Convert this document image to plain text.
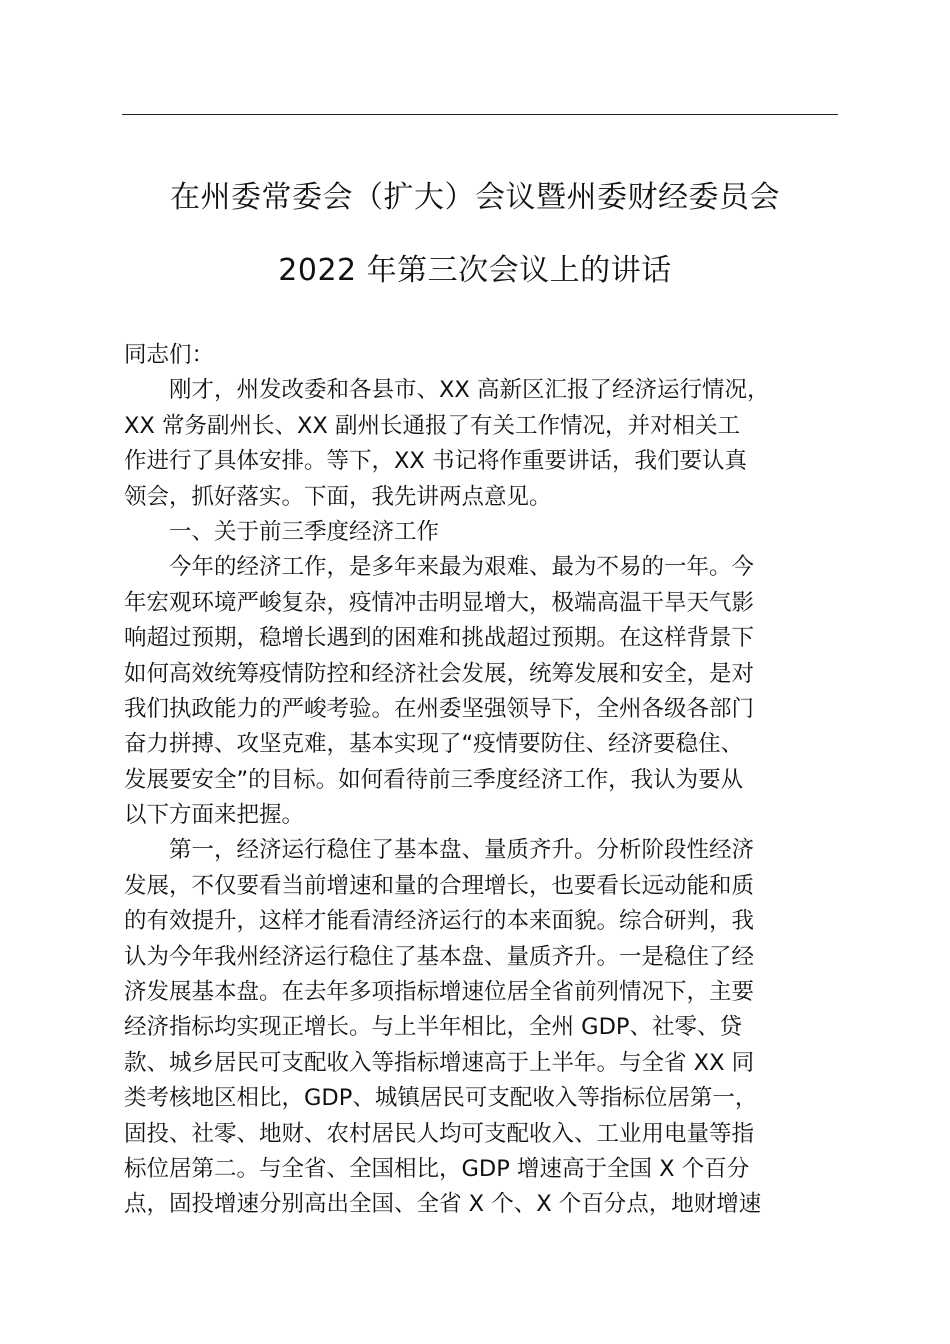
在州委常委会（扩大）会议暨州委财经委员会
2022 年第三次会议上的讲话
同志们：
刚才，州发改委和各县市、XX 高新区汇报了经济运行情况，
XX 常务副州长、XX 副州长通报了有关工作情况，并对相关工
作进行了具体安排。等下，XX 书记将作重要讲话，我们要认真
领会，抓好落实。下面，我先讲两点意见。
一、关于前三季度经济工作
今年的经济工作，是多年来最为艰难、最为不易的一年。今
年宏观环境严峻复杂，疫情冲击明显增大，极端高温干旱天气影
响超过预期，稳增长遇到的困难和挑战超过预期。在这样背景下
如何高效统筹疫情防控和经济社会发展，统筹发展和安全，是对
我们执政能力的严峻考验。在州委坚强领导下，全州各级各部门
奋力拼搏、攻坚克难，基本实现了“疫情要防住、经济要稳住、
发展要安全”的目标。如何看待前三季度经济工作，我认为要从
以下方面来把握。
第一，经济运行稳住了基本盘、量质齐升。分析阶段性经济
发展，不仅要看当前增速和量的合理增长，也要看长远动能和质
的有效提升，这样才能看清经济运行的本来面貌。综合研判，我
认为今年我州经济运行稳住了基本盘、量质齐升。一是稳住了经
济发展基本盘。在去年多项指标增速位居全省前列情况下，主要
经济指标均实现正增长。与上半年相比，全州 GDP、社零、贷
款、城乡居民可支配收入等指标增速高于上半年。与全省 XX 同
类考核地区相比，GDP、城镇居民可支配收入等指标位居第一，
固投、社零、地财、农村居民人均可支配收入、工业用电量等指
标位居第二。与全省、全国相比，GDP 增速高于全国 X 个百分
点，固投增速分别高出全国、全省 X 个、X 个百分点，地财增速
